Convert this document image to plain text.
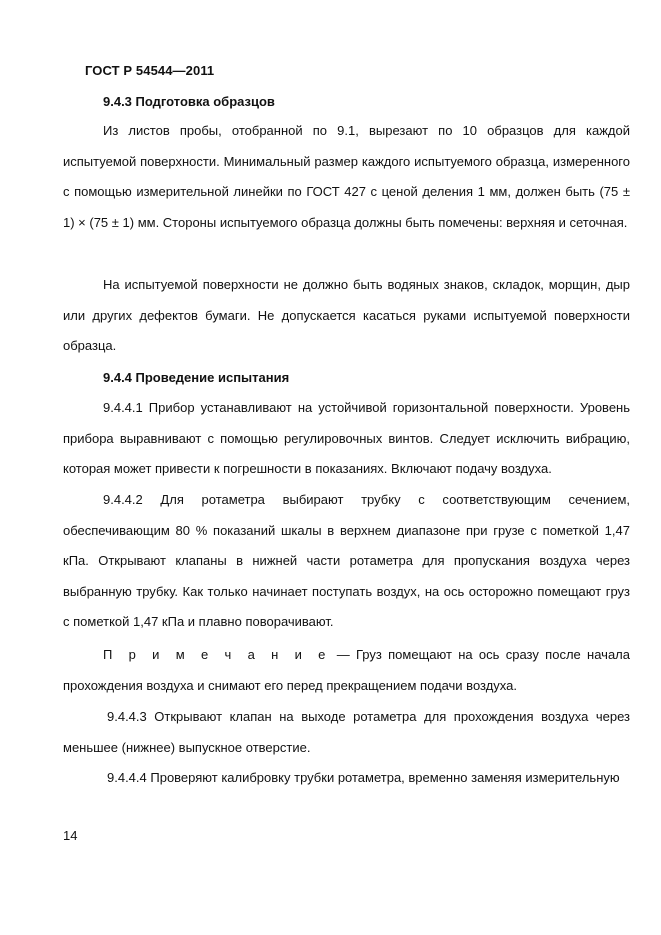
ГОСТ Р 54544—2011
9.4.3 Подготовка образцов
Из листов пробы, отобранной по 9.1, вырезают по 10 образцов для каждой испытуемой поверхности. Минимальный размер каждого испытуемого образца, измеренного с помощью измерительной линейки по ГОСТ 427 с ценой деления 1 мм, должен быть (75 ± 1) × (75 ± 1) мм. Стороны испытуемого образца должны быть помечены: верхняя и сеточная.
На испытуемой поверхности не должно быть водяных знаков, складок, морщин, дыр или других дефектов бумаги. Не допускается касаться руками испытуемой поверхности образца.
9.4.4 Проведение испытания
9.4.4.1 Прибор устанавливают на устойчивой горизонтальной поверхности. Уровень прибора выравнивают с помощью регулировочных винтов. Следует исключить вибрацию, которая может привести к погрешности в показаниях. Включают подачу воздуха.
9.4.4.2 Для ротаметра выбирают трубку с соответствующим сечением, обеспечивающим 80 % показаний шкалы в верхнем диапазоне при грузе с пометкой 1,47 кПа. Открывают клапаны в нижней части ротаметра для пропускания воздуха через выбранную трубку. Как только начинает поступать воздух, на ось осторожно помещают груз с пометкой 1,47 кПа и плавно поворачивают.
П р и м е ч а н и е — Груз помещают на ось сразу после начала прохождения воздуха и снимают его перед прекращением подачи воздуха.
9.4.4.3 Открывают клапан на выходе ротаметра для прохождения воздуха через меньшее (нижнее) выпускное отверстие.
9.4.4.4 Проверяют калибровку трубки ротаметра, временно заменяя измерительную
14
